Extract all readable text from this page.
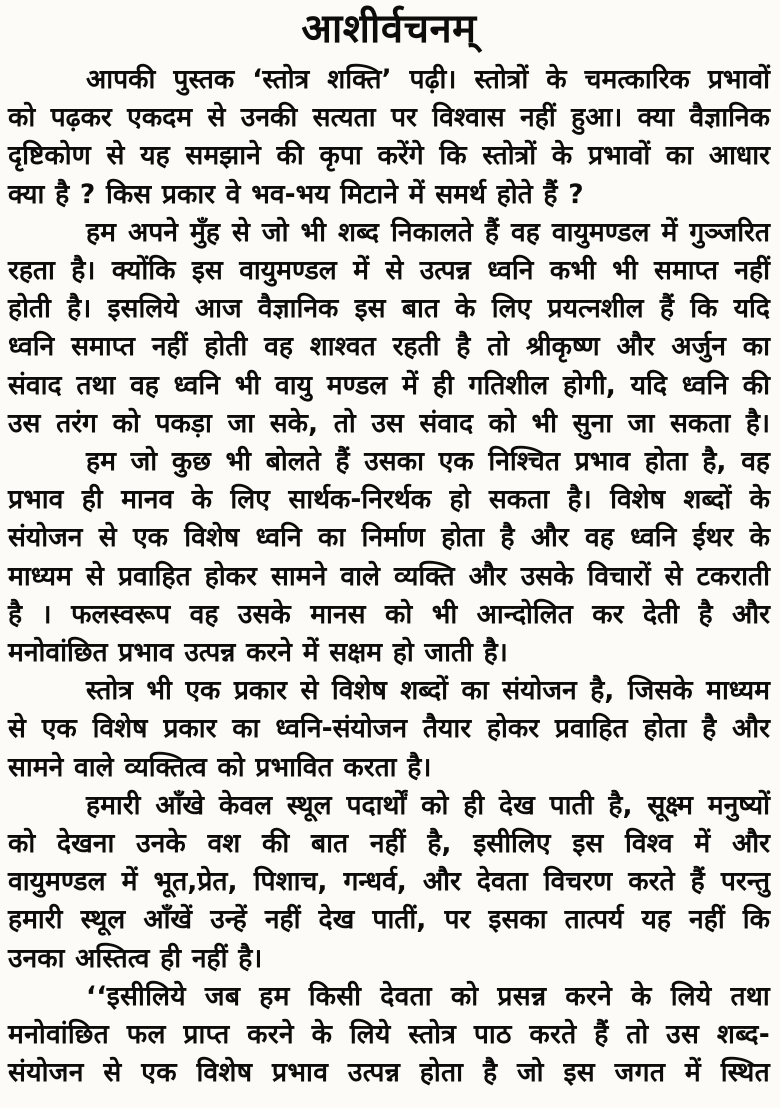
आशीर्वचनम्
आपकी पुस्तक ‘स्तोत्र शक्ति’ पढ़ी। स्तोत्रों के चमत्कारिक प्रभावों
को पढ़कर एकदम से उनकी सत्यता पर विश्वास नहीं हुआ। क्या वैज्ञानिक
दृष्टिकोण से यह समझाने की कृपा करेंगे कि स्तोत्रों के प्रभावों का आधार
क्या है ? किस प्रकार वे भव-भय मिटाने में समर्थ होते हैं ?
हम अपने मुँह से जो भी शब्द निकालते हैं वह वायुमण्डल में गुञ्जरित
रहता है। क्योंकि इस वायुमण्डल में से उत्पन्न ध्वनि कभी भी समाप्त नहीं
होती है। इसलिये आज वैज्ञानिक इस बात के लिए प्रयत्नशील हैं कि यदि
ध्वनि समाप्त नहीं होती वह शाश्वत रहती है तो श्रीकृष्ण और अर्जुन का
संवाद तथा वह ध्वनि भी वायु मण्डल में ही गतिशील होगी, यदि ध्वनि की
उस तरंग को पकड़ा जा सके, तो उस संवाद को भी सुना जा सकता है।
हम जो कुछ भी बोलते हैं उसका एक निश्चित प्रभाव होता है, वह
प्रभाव ही मानव के लिए सार्थक-निरर्थक हो सकता है। विशेष शब्दों के
संयोजन से एक विशेष ध्वनि का निर्माण होता है और वह ध्वनि ईथर के
माध्यम से प्रवाहित होकर सामने वाले व्यक्ति और उसके विचारों से टकराती
है । फलस्वरूप वह उसके मानस को भी आन्दोलित कर देती है और
मनोवांछित प्रभाव उत्पन्न करने में सक्षम हो जाती है।
स्तोत्र भी एक प्रकार से विशेष शब्दों का संयोजन है, जिसके माध्यम
से एक विशेष प्रकार का ध्वनि-संयोजन तैयार होकर प्रवाहित होता है और
सामने वाले व्यक्तित्व को प्रभावित करता है।
हमारी आँखे केवल स्थूल पदार्थों को ही देख पाती है, सूक्ष्म मनुष्यों
को देखना उनके वश की बात नहीं है, इसीलिए इस विश्व में और
वायुमण्डल में भूत,प्रेत, पिशाच, गन्धर्व, और देवता विचरण करते हैं परन्तु
हमारी स्थूल आँखें उन्हें नहीं देख पातीं, पर इसका तात्पर्य यह नहीं कि
उनका अस्तित्व ही नहीं है।
‘‘इसीलिये जब हम किसी देवता को प्रसन्न करने के लिये तथा
मनोवांछित फल प्राप्त करने के लिये स्तोत्र पाठ करते हैं तो उस शब्द-
संयोजन से एक विशेष प्रभाव उत्पन्न होता है जो इस जगत में स्थित
